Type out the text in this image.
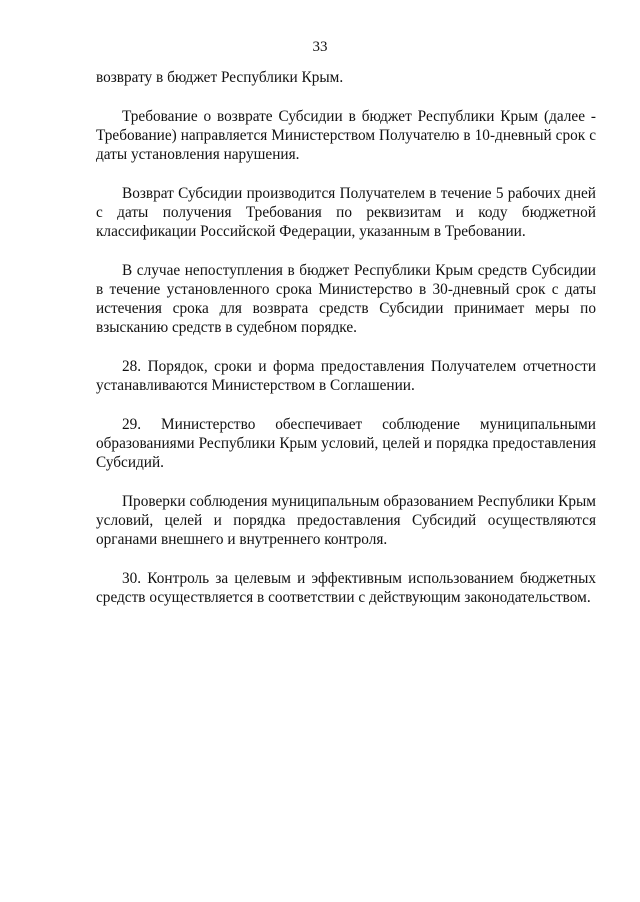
33

возврату в бюджет Республики Крым.

Требование о возврате Субсидии в бюджет Республики Крым (далее - Требование) направляется Министерством Получателю в 10-дневный срок с даты установления нарушения.

Возврат Субсидии производится Получателем в течение 5 рабочих дней с даты получения Требования по реквизитам и коду бюджетной классификации Российской Федерации, указанным в Требовании.

В случае непоступления в бюджет Республики Крым средств Субсидии в течение установленного срока Министерство в 30-дневный срок с даты истечения срока для возврата средств Субсидии принимает меры по взысканию средств в судебном порядке.

28. Порядок, сроки и форма предоставления Получателем отчетности устанавливаются Министерством в Соглашении.

29. Министерство обеспечивает соблюдение муниципальными образованиями Республики Крым условий, целей и порядка предоставления Субсидий.

Проверки соблюдения муниципальным образованием Республики Крым условий, целей и порядка предоставления Субсидий осуществляются органами внешнего и внутреннего контроля.

30. Контроль за целевым и эффективным использованием бюджетных средств осуществляется в соответствии с действующим законодательством.
